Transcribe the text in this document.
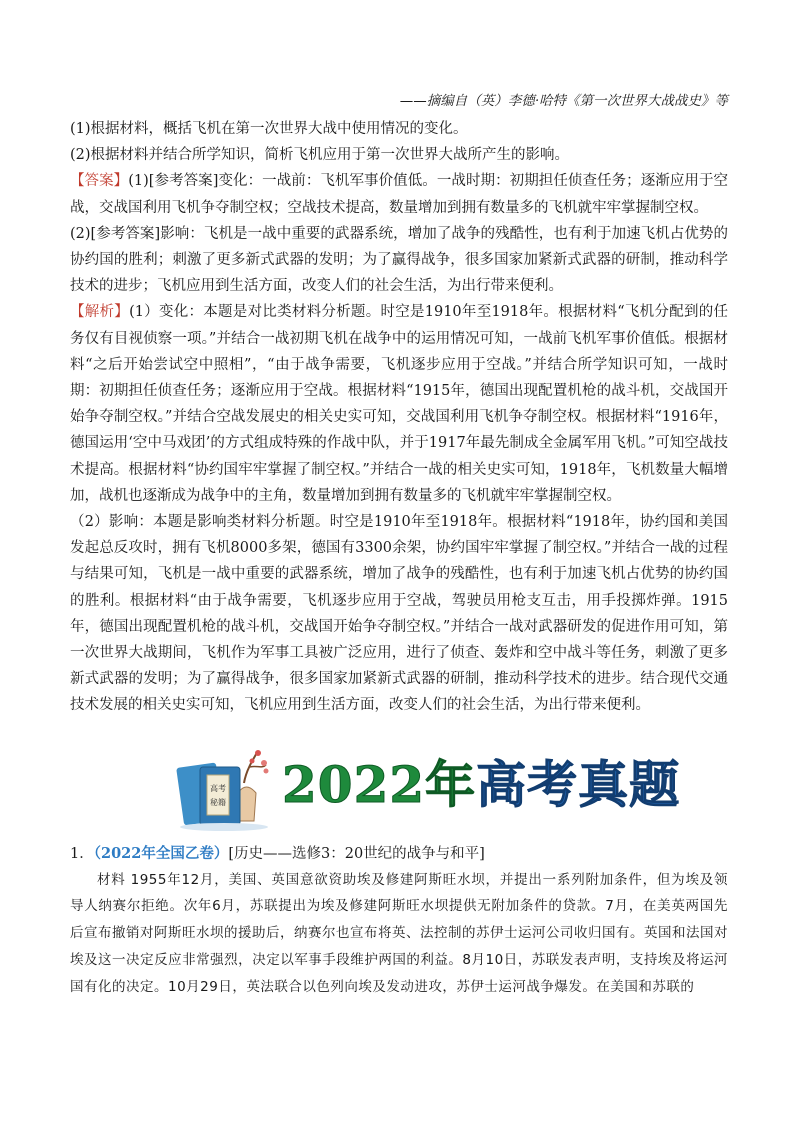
——摘编自（英）李德·哈特《第一次世界大战战史》等

(1)根据材料，概括飞机在第一次世界大战中使用情况的变化。

(2)根据材料并结合所学知识，简析飞机应用于第一次世界大战所产生的影响。

【答案】(1)[参考答案]变化：一战前：飞机军事价值低。一战时期：初期担任侦查任务；逐渐应用于空战，交战国利用飞机争夺制空权；空战技术提高，数量增加到拥有数量多的飞机就牢牢掌握制空权。

(2)[参考答案]影响：飞机是一战中重要的武器系统，增加了战争的残酷性，也有利于加速飞机占优势的协约国的胜利；刺激了更多新式武器的发明；为了赢得战争，很多国家加紧新式武器的研制，推动科学技术的进步；飞机应用到生活方面，改变人们的社会生活，为出行带来便利。

【解析】(1）变化：本题是对比类材料分析题。时空是1910年至1918年。根据材料“飞机分配到的任务仅有目视侦察一项。”并结合一战初期飞机在战争中的运用情况可知，一战前飞机军事价值低。根据材料“之后开始尝试空中照相”，“由于战争需要，飞机逐步应用于空战。”并结合所学知识可知，一战时期：初期担任侦查任务；逐渐应用于空战。根据材料“1915年，德国出现配置机枪的战斗机，交战国开始争夺制空权。”并结合空战发展史的相关史实可知，交战国利用飞机争夺制空权。根据材料“1916年，德国运用‘空中马戏团’的方式组成特殊的作战中队，并于1917年最先制成全金属军用飞机。”可知空战技术提高。根据材料“协约国牢牢掌握了制空权。”并结合一战的相关史实可知，1918年，飞机数量大幅增加，战机也逐渐成为战争中的主角，数量增加到拥有数量多的飞机就牢牢掌握制空权。

（2）影响：本题是影响类材料分析题。时空是1910年至1918年。根据材料“1918年，协约国和美国发起总反攻时，拥有飞机8000多架，德国有3300余架，协约国牢牢掌握了制空权。”并结合一战的过程与结果可知，飞机是一战中重要的武器系统，增加了战争的残酷性，也有利于加速飞机占优势的协约国的胜利。根据材料“由于战争需要，飞机逐步应用于空战，驾驶员用枪支互击，用手投掷炸弹。1915年，德国出现配置机枪的战斗机，交战国开始争夺制空权。”并结合一战对武器研发的促进作用可知，第一次世界大战期间，飞机作为军事工具被广泛应用，进行了侦查、轰炸和空中战斗等任务，刺激了更多新式武器的发明；为了赢得战争，很多国家加紧新式武器的研制，推动科学技术的进步。结合现代交通技术发展的相关史实可知，飞机应用到生活方面，改变人们的社会生活，为出行带来便利。

高考
秘籍 2022年高考真题

1．（2022年全国乙卷）[历史——选修3：20世纪的战争与和平]

材料 1955年12月，美国、英国意欲资助埃及修建阿斯旺水坝，并提出一系列附加条件，但为埃及领导人纳赛尔拒绝。次年6月，苏联提出为埃及修建阿斯旺水坝提供无附加条件的贷款。7月，在美英两国先后宣布撤销对阿斯旺水坝的援助后，纳赛尔也宣布将英、法控制的苏伊士运河公司收归国有。英国和法国对埃及这一决定反应非常强烈，决定以军事手段维护两国的利益。8月10日，苏联发表声明，支持埃及将运河国有化的决定。10月29日，英法联合以色列向埃及发动进攻，苏伊士运河战争爆发。在美国和苏联的
